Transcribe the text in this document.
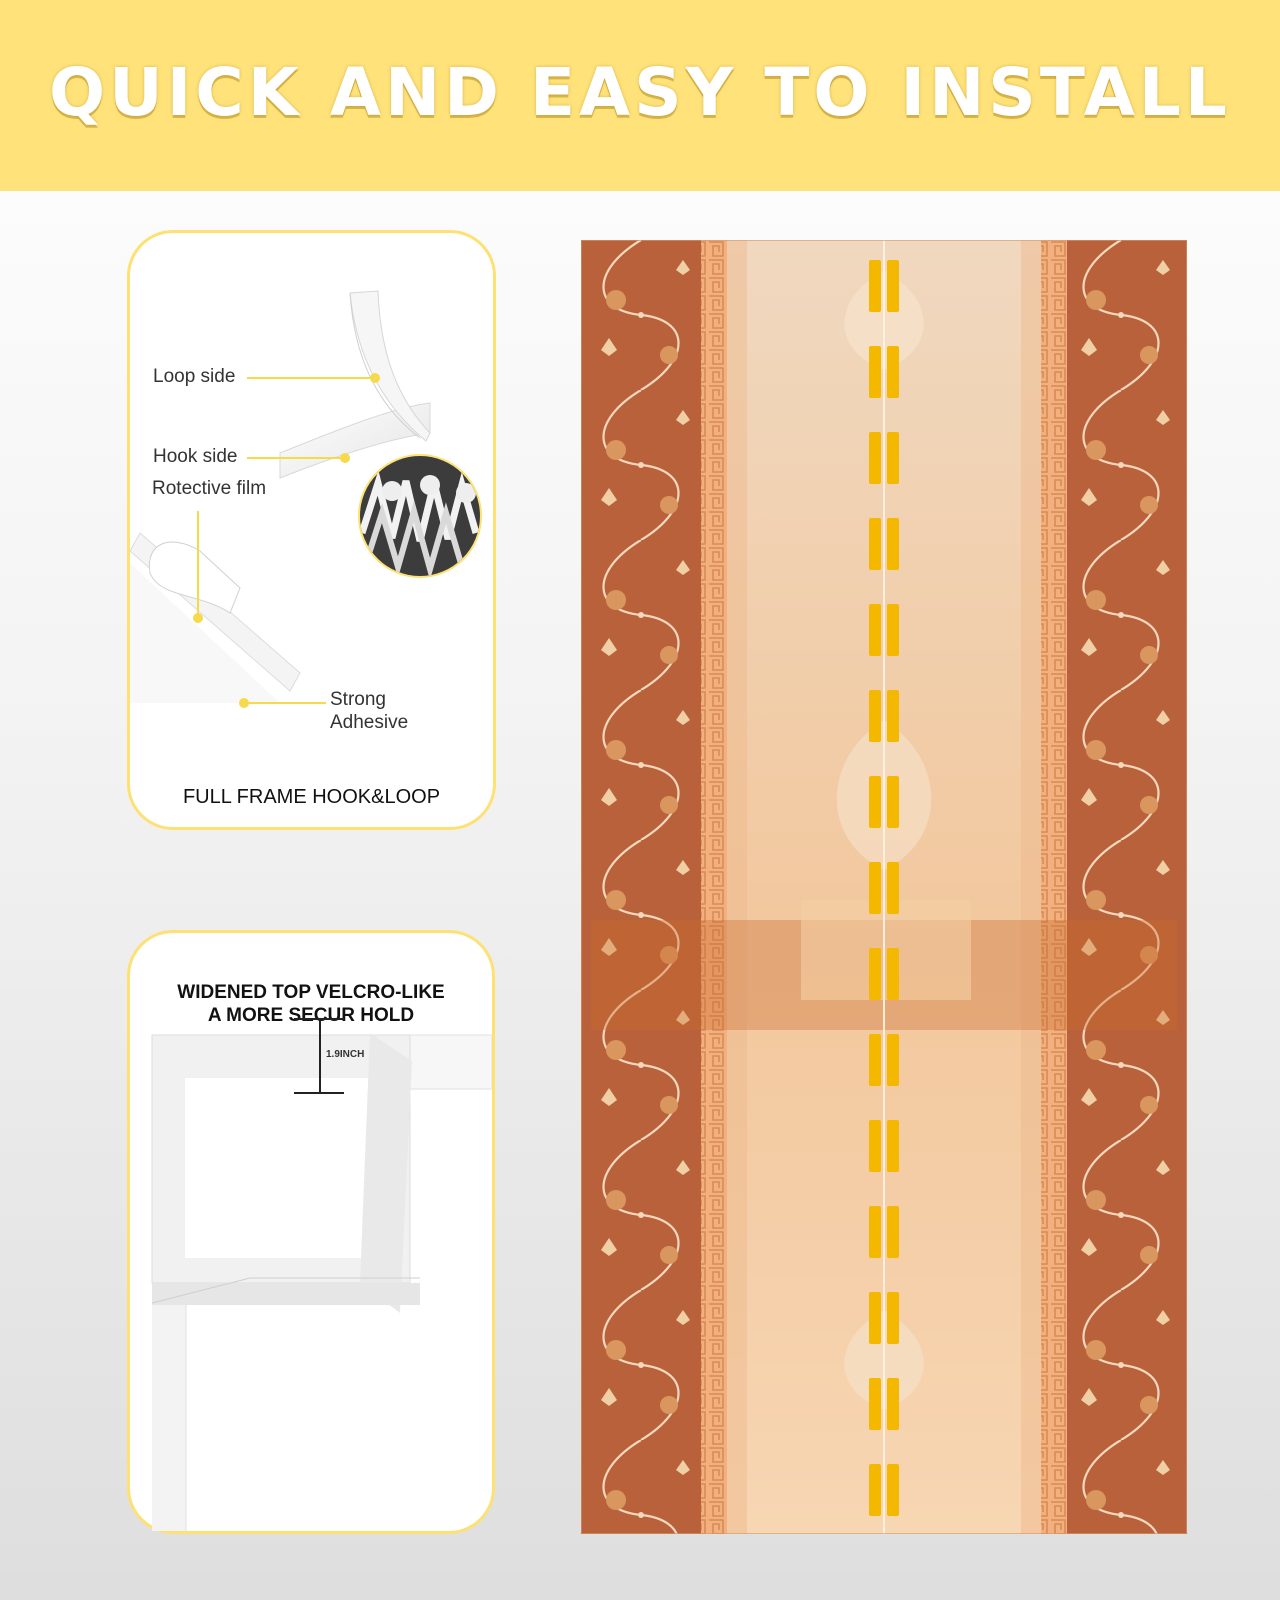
QUICK AND EASY TO INSTALL
Loop side
Hook side
Rotective film
Strong
Adhesive
FULL FRAME HOOK&LOOP
WIDENED TOP VELCRO-LIKE
A MORE SECUR HOLD
1.9INCH
